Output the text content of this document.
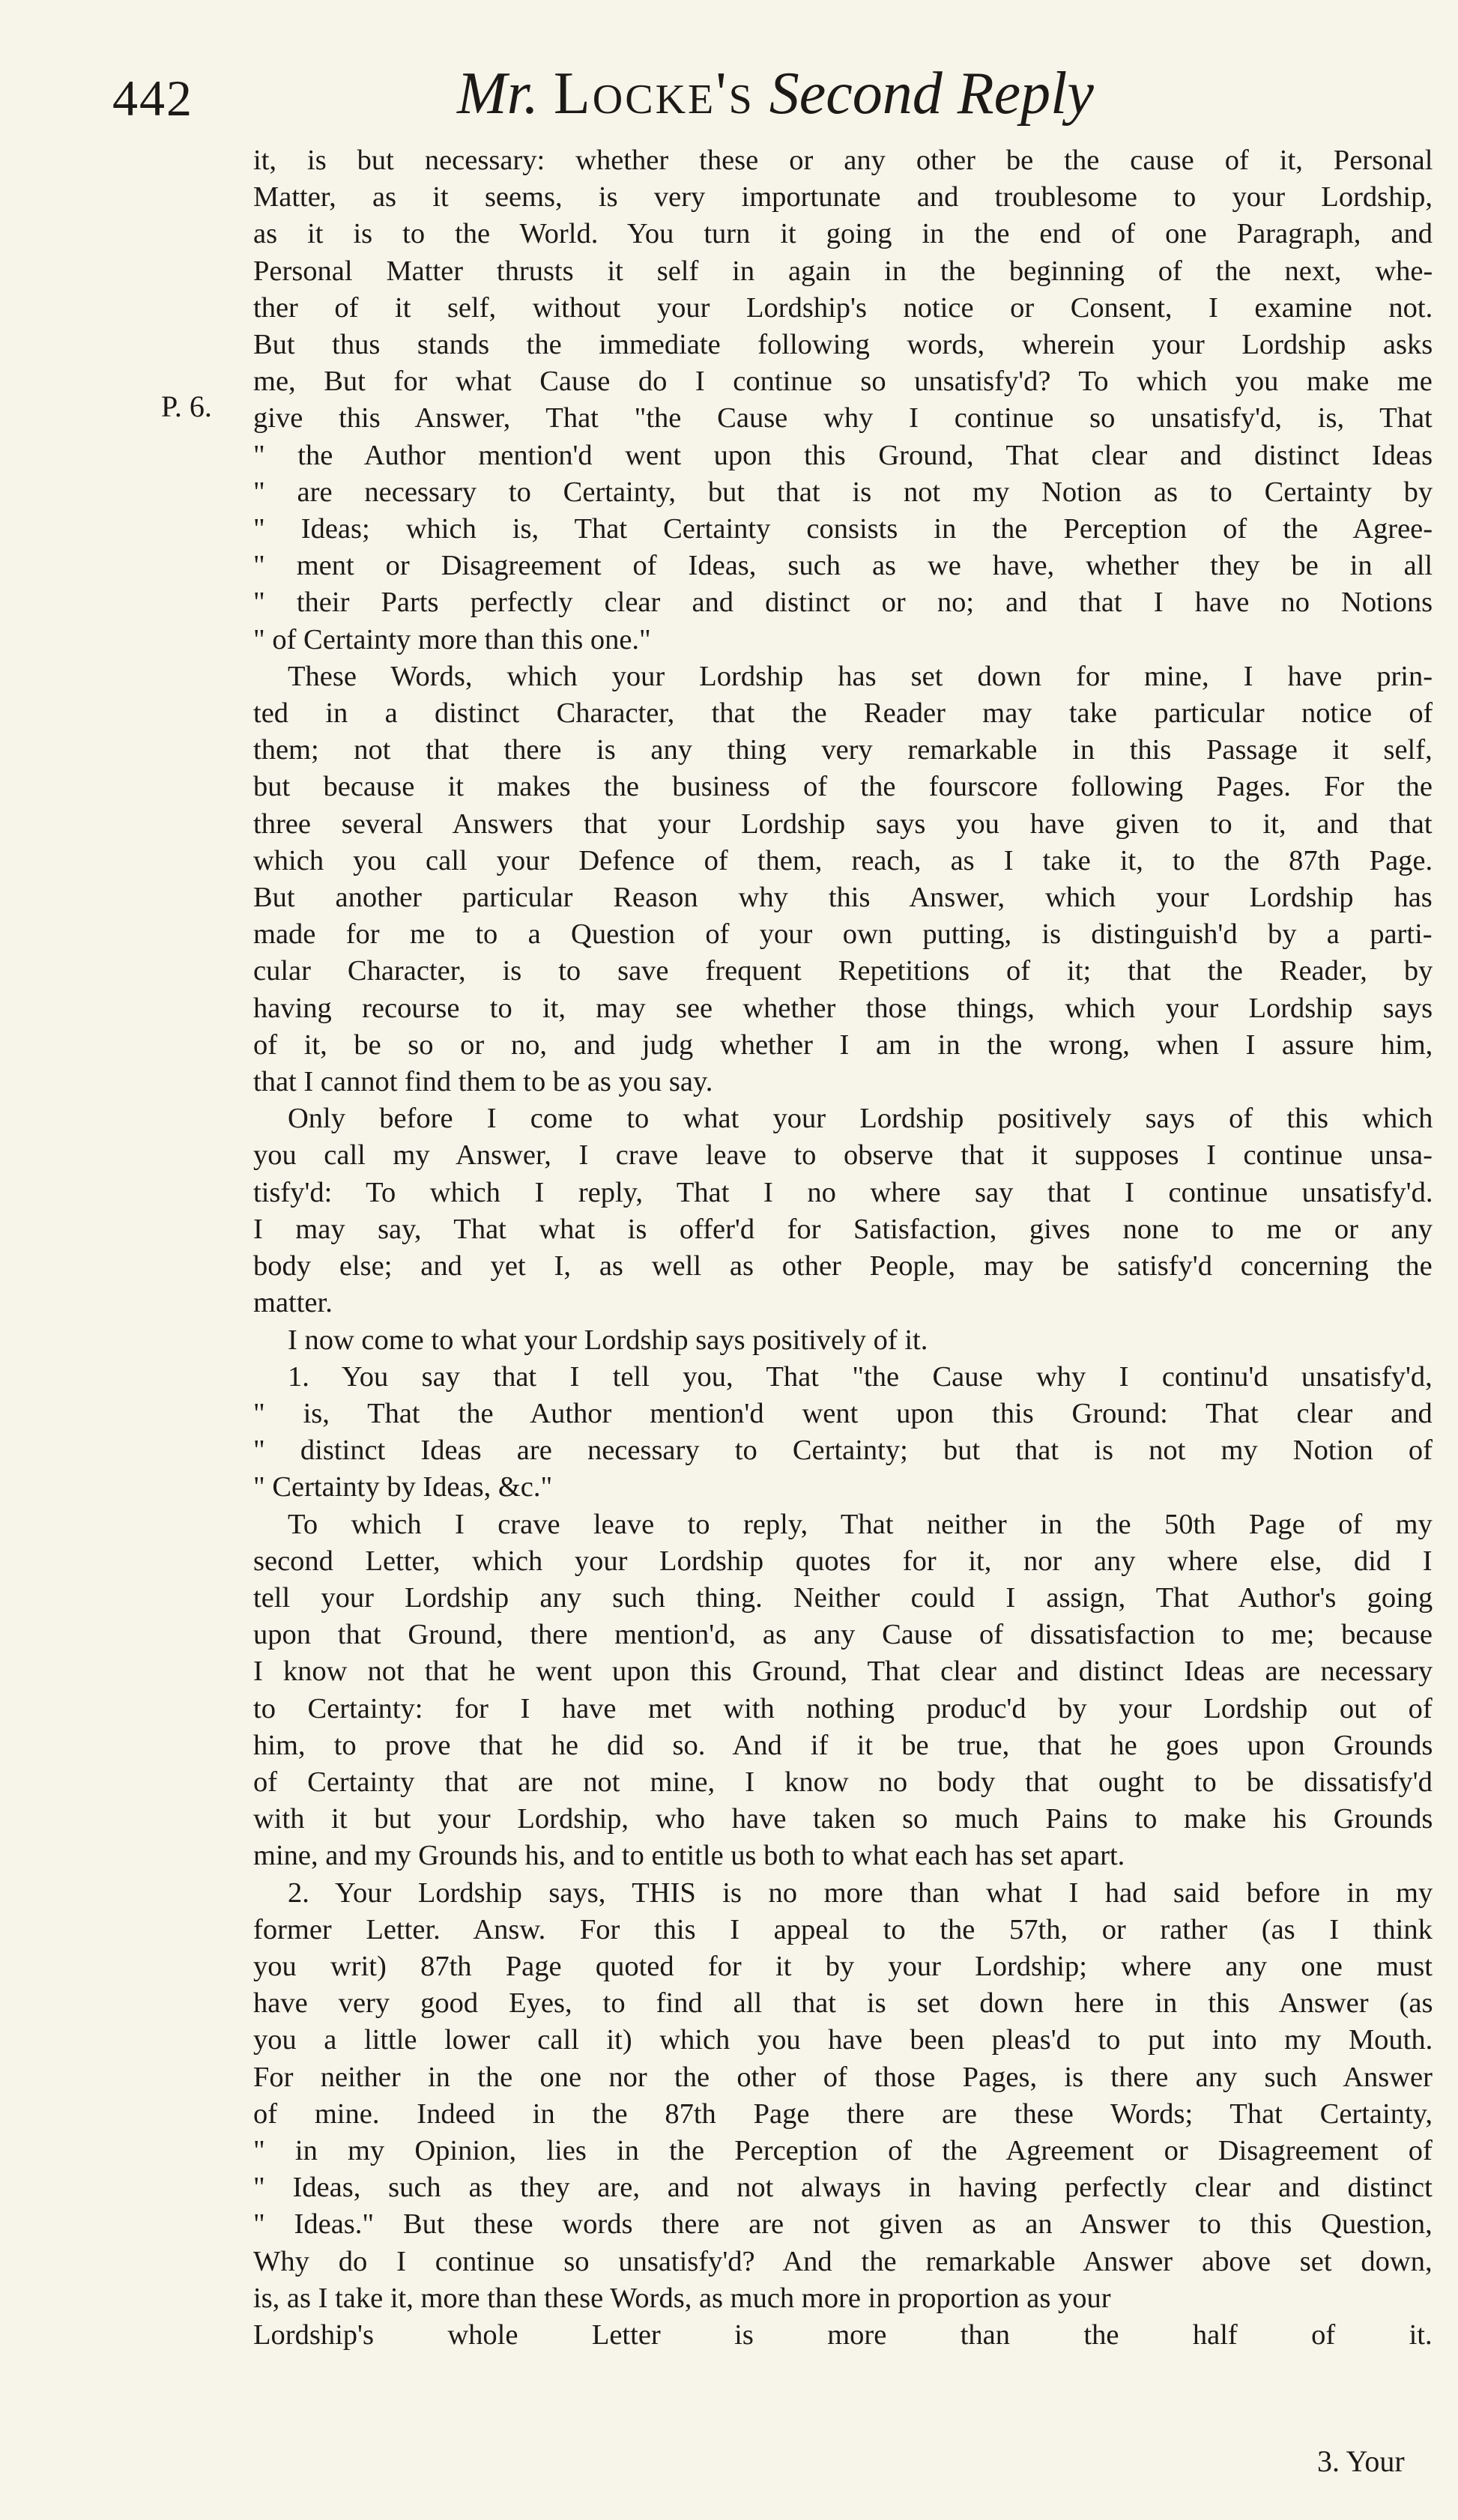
442	Mr. Locke's Second Reply
P. 6.
it, is but necessary: whether these or any other be the cause of it, Personal
Matter, as it seems, is very importunate and troublesome to your Lordship,
as it is to the World. You turn it going in the end of one Paragraph, and
Personal Matter thrusts it self in again in the beginning of the next, whe-
ther of it self, without your Lordship's notice or Consent, I examine not.
But thus stands the immediate following words, wherein your Lordship asks
me, But for what Cause do I continue so unsatisfy'd? To which you make me
give this Answer, That "the Cause why I continue so unsatisfy'd, is, That
" the Author mention'd went upon this Ground, That clear and distinct Ideas
" are necessary to Certainty, but that is not my Notion as to Certainty by
" Ideas; which is, That Certainty consists in the Perception of the Agree-
" ment or Disagreement of Ideas, such as we have, whether they be in all
" their Parts perfectly clear and distinct or no; and that I have no Notions
" of Certainty more than this one."
These Words, which your Lordship has set down for mine, I have prin-
ted in a distinct Character, that the Reader may take particular notice of
them; not that there is any thing very remarkable in this Passage it self,
but because it makes the business of the fourscore following Pages. For the
three several Answers that your Lordship says you have given to it, and that
which you call your Defence of them, reach, as I take it, to the 87th Page.
But another particular Reason why this Answer, which your Lordship has
made for me to a Question of your own putting, is distinguish'd by a parti-
cular Character, is to save frequent Repetitions of it; that the Reader, by
having recourse to it, may see whether those things, which your Lordship says
of it, be so or no, and judg whether I am in the wrong, when I assure him,
that I cannot find them to be as you say.
Only before I come to what your Lordship positively says of this which
you call my Answer, I crave leave to observe that it supposes I continue unsa-
tisfy'd: To which I reply, That I no where say that I continue unsatisfy'd.
I may say, That what is offer'd for Satisfaction, gives none to me or any
body else; and yet I, as well as other People, may be satisfy'd concerning the
matter.
I now come to what your Lordship says positively of it.
1. You say that I tell you, That "the Cause why I continu'd unsatisfy'd,
" is, That the Author mention'd went upon this Ground: That clear and
" distinct Ideas are necessary to Certainty; but that is not my Notion of
" Certainty by Ideas, &c."
To which I crave leave to reply, That neither in the 50th Page of my
second Letter, which your Lordship quotes for it, nor any where else, did I
tell your Lordship any such thing. Neither could I assign, That Author's going
upon that Ground, there mention'd, as any Cause of dissatisfaction to me; because
I know not that he went upon this Ground, That clear and distinct Ideas are necessary
to Certainty: for I have met with nothing produc'd by your Lordship out of
him, to prove that he did so. And if it be true, that he goes upon Grounds
of Certainty that are not mine, I know no body that ought to be dissatisfy'd
with it but your Lordship, who have taken so much Pains to make his Grounds
mine, and my Grounds his, and to entitle us both to what each has set apart.
2. Your Lordship says, THIS is no more than what I had said before in my
former Letter. Answ. For this I appeal to the 57th, or rather (as I think
you writ) 87th Page quoted for it by your Lordship; where any one must
have very good Eyes, to find all that is set down here in this Answer (as
you a little lower call it) which you have been pleas'd to put into my Mouth.
For neither in the one nor the other of those Pages, is there any such Answer
of mine. Indeed in the 87th Page there are these Words; That Certainty,
" in my Opinion, lies in the Perception of the Agreement or Disagreement of
" Ideas, such as they are, and not always in having perfectly clear and distinct
" Ideas." But these words there are not given as an Answer to this Question,
Why do I continue so unsatisfy'd? And the remarkable Answer above set down,
is, as I take it, more than these Words, as much more in proportion as your
Lordship's whole Letter is more than the half of it.
3. Your
